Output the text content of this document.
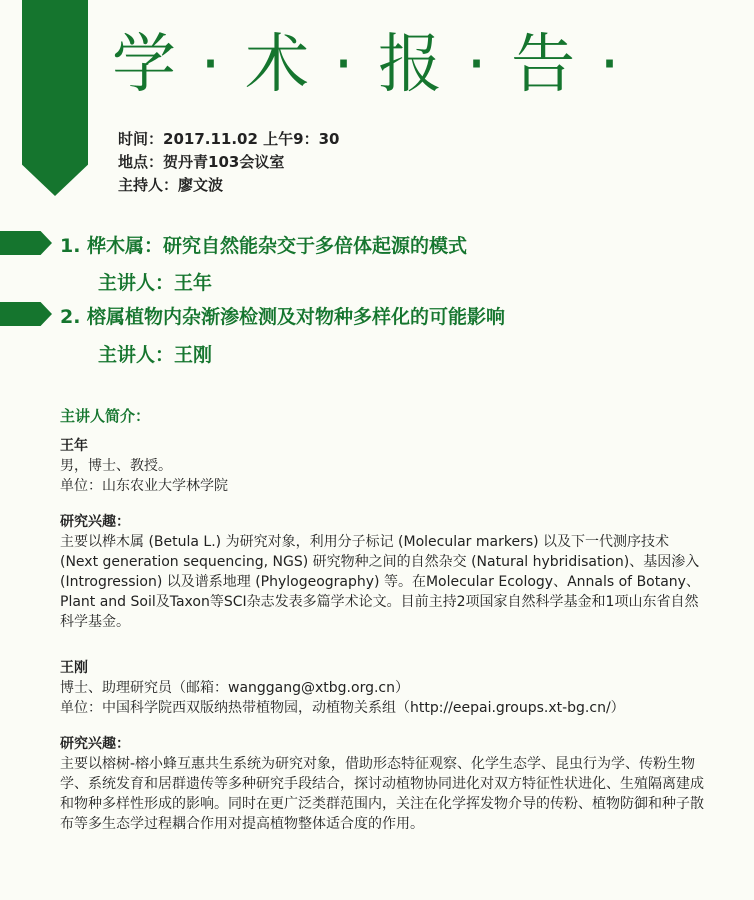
学 · 术 · 报 · 告 ·
时间：2017.11.02 上午9：30
地点：贺丹青103会议室
主持人：廖文波
1. 桦木属：研究自然能杂交于多倍体起源的模式
主讲人：王年
2. 榕属植物内杂渐渗检测及对物种多样化的可能影响
主讲人：王刚
主讲人简介：

王年

男，博士、教授。

单位：山东农业大学林学院

研究兴趣：

主要以桦木属 (Betula L.) 为研究对象，利用分子标记 (Molecular markers) 以及下一代测序技术 (Next generation sequencing, NGS) 研究物种之间的自然杂交 (Natural hybridisation)、基因渗入 (Introgression) 以及谱系地理 (Phylogeography) 等。在Molecular Ecology、Annals of Botany、Plant and Soil及Taxon等SCI杂志发表多篇学术论文。目前主持2项国家自然科学基金和1项山东省自然科学基金。

王刚

博士、助理研究员（邮箱：wanggang@xtbg.org.cn）

单位：中国科学院西双版纳热带植物园，动植物关系组（http://eepai.groups.xt-bg.cn/）

研究兴趣：

主要以榕树-榕小蜂互惠共生系统为研究对象，借助形态特征观察、化学生态学、昆虫行为学、传粉生物学、系统发育和居群遗传等多种研究手段结合，探讨动植物协同进化对双方特征性状进化、生殖隔离建成和物种多样性形成的影响。同时在更广泛类群范围内，关注在化学挥发物介导的传粉、植物防御和种子散布等多生态学过程耦合作用对提高植物整体适合度的作用。
